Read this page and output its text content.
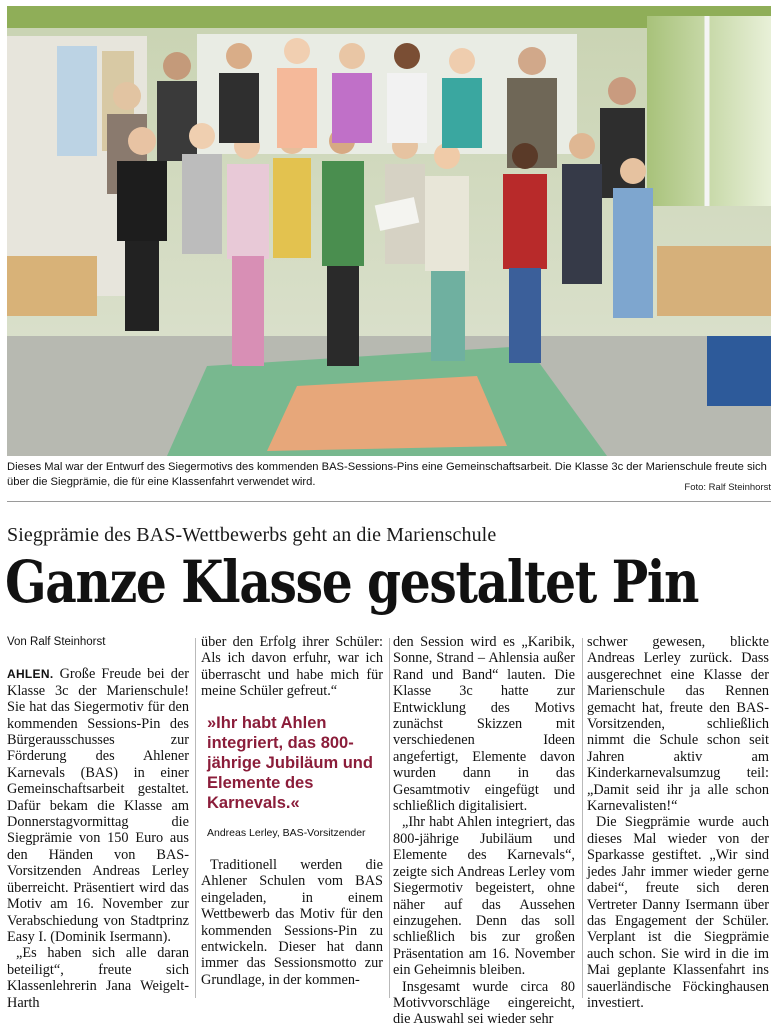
Dieses Mal war der Entwurf des Siegermotivs des kommenden BAS-Sessions-Pins eine Gemeinschaftsarbeit. Die Klasse 3c der Marienschule freute sich über die Siegprämie, die für eine Klassenfahrt verwendet wird.	Foto: Ralf Steinhorst
Siegprämie des BAS-Wettbewerbs geht an die Marienschule
Ganze Klasse gestaltet Pin

Von Ralf Steinhorst

AHLEN. Große Freude bei der Klasse 3c der Marienschule! Sie hat das Siegermotiv für den kommenden Sessions-Pin des Bürgerausschusses zur Förderung des Ahlener Karnevals (BAS) in einer Gemeinschaftsarbeit gestaltet. Dafür bekam die Klasse am Donnerstagvormittag die Siegprämie von 150 Euro aus den Händen von BAS-Vorsitzenden Andreas Lerley überreicht. Präsentiert wird das Motiv am 16. November zur Verabschiedung von Stadtprinz Easy I. (Dominik Isermann).

„Es haben sich alle daran beteiligt“, freute sich Klassenlehrerin Jana Weigelt-Harth

über den Erfolg ihrer Schüler: Als ich davon erfuhr, war ich überrascht und habe mich für meine Schüler gefreut.“

»Ihr habt Ahlen integriert, das 800-jährige Jubiläum und Elemente des Karnevals.«
Andreas Lerley, BAS-Vorsitzender

Traditionell werden die Ahlener Schulen vom BAS eingeladen, in einem Wettbewerb das Motiv für den kommenden Sessions-Pin zu entwickeln. Dieser hat dann immer das Sessionsmotto zur Grundlage, in der kommen-

den Session wird es „Karibik, Sonne, Strand – Ahlensia außer Rand und Band“ lauten. Die Klasse 3c hatte zur Entwicklung des Motivs zunächst Skizzen mit verschiedenen Ideen angefertigt, Elemente davon wurden dann in das Gesamtmotiv eingefügt und schließlich digitalisiert.

„Ihr habt Ahlen integriert, das 800-jährige Jubiläum und Elemente des Karnevals“, zeigte sich Andreas Lerley vom Siegermotiv begeistert, ohne näher auf das Aussehen einzugehen. Denn das soll schließlich bis zur großen Präsentation am 16. November ein Geheimnis bleiben.

Insgesamt wurde circa 80 Motivvorschläge eingereicht, die Auswahl sei wieder sehr

schwer gewesen, blickte Andreas Lerley zurück. Dass ausgerechnet eine Klasse der Marienschule das Rennen gemacht hat, freute den BAS-Vorsitzenden, schließlich nimmt die Schule schon seit Jahren aktiv am Kinderkarnevalsumzug teil: „Damit seid ihr ja alle schon Karnevalisten!“

Die Siegprämie wurde auch dieses Mal wieder von der Sparkasse gestiftet. „Wir sind jedes Jahr immer wieder gerne dabei“, freute sich deren Vertreter Danny Isermann über das Engagement der Schüler. Verplant ist die Siegprämie auch schon. Sie wird in die im Mai geplante Klassenfahrt ins sauerländische Föckinghausen investiert.
